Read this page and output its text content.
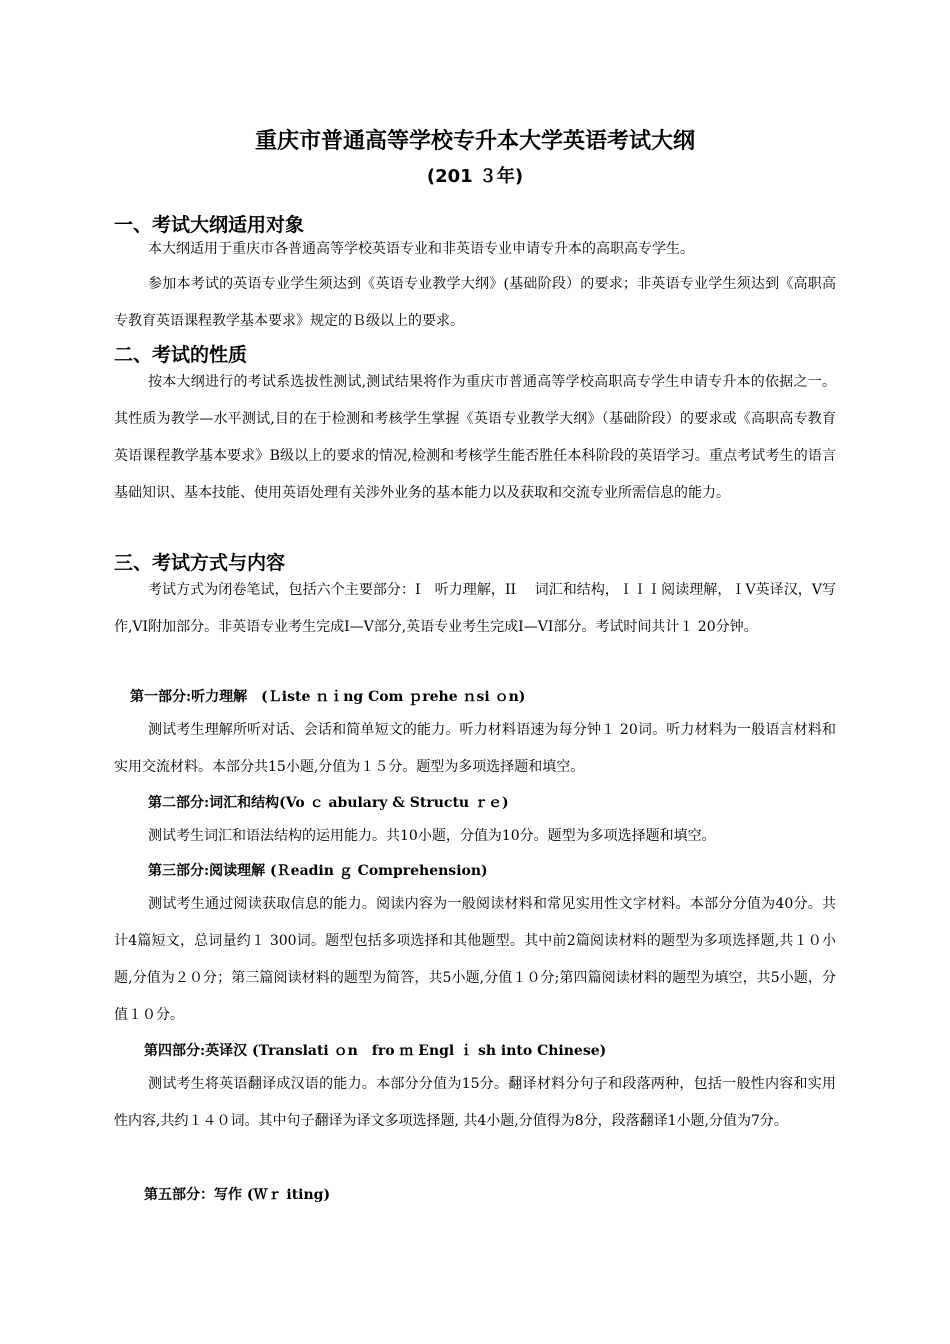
重庆市普通高等学校专升本大学英语考试大纲
(201 ３年)
一、考试大纲适用对象
本大纲适用于重庆市各普通高等学校英语专业和非英语专业申请专升本的高职高专学生。
参加本考试的英语专业学生须达到《英语专业教学大纲》(基础阶段）的要求；非英语专业学生须达到《高职高专教育英语课程教学基本要求》规定的Ｂ级以上的要求。
二、考试的性质
按本大纲进行的考试系选拔性测试,测试结果将作为重庆市普通高等学校高职高专学生申请专升本的依据之一。其性质为教学—水平测试,目的在于检测和考核学生掌握《英语专业教学大纲》（基础阶段）的要求或《高职高专教育英语课程教学基本要求》B级以上的要求的情况,检测和考核学生能否胜任本科阶段的英语学习。重点考试考生的语言基础知识、基本技能、使用英语处理有关涉外业务的基本能力以及获取和交流专业所需信息的能力。
三、考试方式与内容
考试方式为闭卷笔试，包括六个主要部分：I　听力理解，II　 词汇和结构，ＩＩＩ阅读理解，ＩV英译汉，V写作,VI附加部分。非英语专业考生完成I—V部分,英语专业考生完成Ⅰ—VI部分。考试时间共计１ 20分钟。
第一部分:听力理解　(Ｌiste ｎｉng Com ｐrehe ｎsi ｏn)
测试考生理解所听对话、会话和简单短文的能力。听力材料语速为每分钟１ 20词。听力材料为一般语言材料和实用交流材料。本部分共15小题,分值为１５分。题型为多项选择题和填空。
第二部分:词汇和结构(Vo ｃ abulary & Structu ｒｅ)
测试考生词汇和语法结构的运用能力。共10小题，分值为10分。题型为多项选择题和填空。
第三部分:阅读理解 (Ｒeadin ｇ Comprehension)
测试考生通过阅读获取信息的能力。阅读内容为一般阅读材料和常见实用性文字材料。本部分分值为40分。共计4篇短文，总词量约１ 300词。题型包括多项选择和其他题型。其中前2篇阅读材料的题型为多项选择题,共１０小题,分值为２０分；第三篇阅读材料的题型为简答，共5小题,分值１０分;第四篇阅读材料的题型为填空，共5小题，分值１０分。
第四部分:英译汉 (Translati ｏn　fro ｍ Engl ｉ sh into Chinese)
测试考生将英语翻译成汉语的能力。本部分分值为15分。翻译材料分句子和段落两种，包括一般性内容和实用性内容,共约１４０词。其中句子翻译为译文多项选择题, 共4小题,分值得为8分，段落翻译1小题,分值为7分。
第五部分：写作 (Ｗｒ iting)
